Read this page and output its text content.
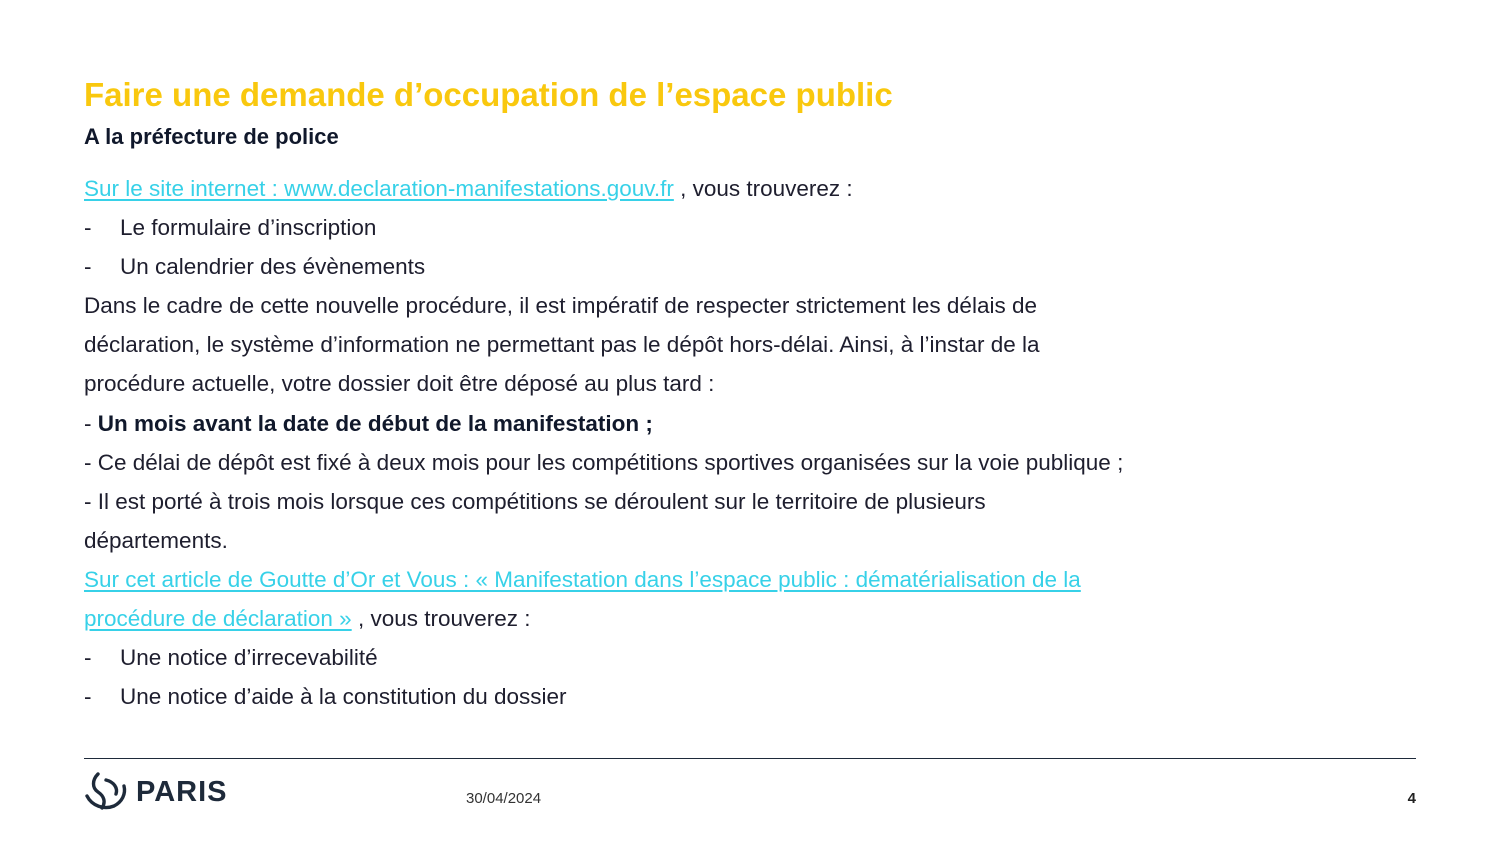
Faire une demande d’occupation de l’espace public
A la préfecture de police
Sur le site internet : www.declaration-manifestations.gouv.fr , vous trouverez :
- Le formulaire d’inscription
- Un calendrier des évènements
Dans le cadre de cette nouvelle procédure, il est impératif de respecter strictement les délais de
déclaration, le système d’information ne permettant pas le dépôt hors-délai. Ainsi, à l’instar de la
procédure actuelle, votre dossier doit être déposé au plus tard :
- Un mois avant la date de début de la manifestation ;
- Ce délai de dépôt est fixé à deux mois pour les compétitions sportives organisées sur la voie publique ;
- Il est porté à trois mois lorsque ces compétitions se déroulent sur le territoire de plusieurs
départements.
Sur cet article de Goutte d’Or et Vous : « Manifestation dans l’espace public : dématérialisation de la
procédure de déclaration » , vous trouverez :
- Une notice d’irrecevabilité
- Une notice d’aide à la constitution du dossier
PARIS	30/04/2024	4
